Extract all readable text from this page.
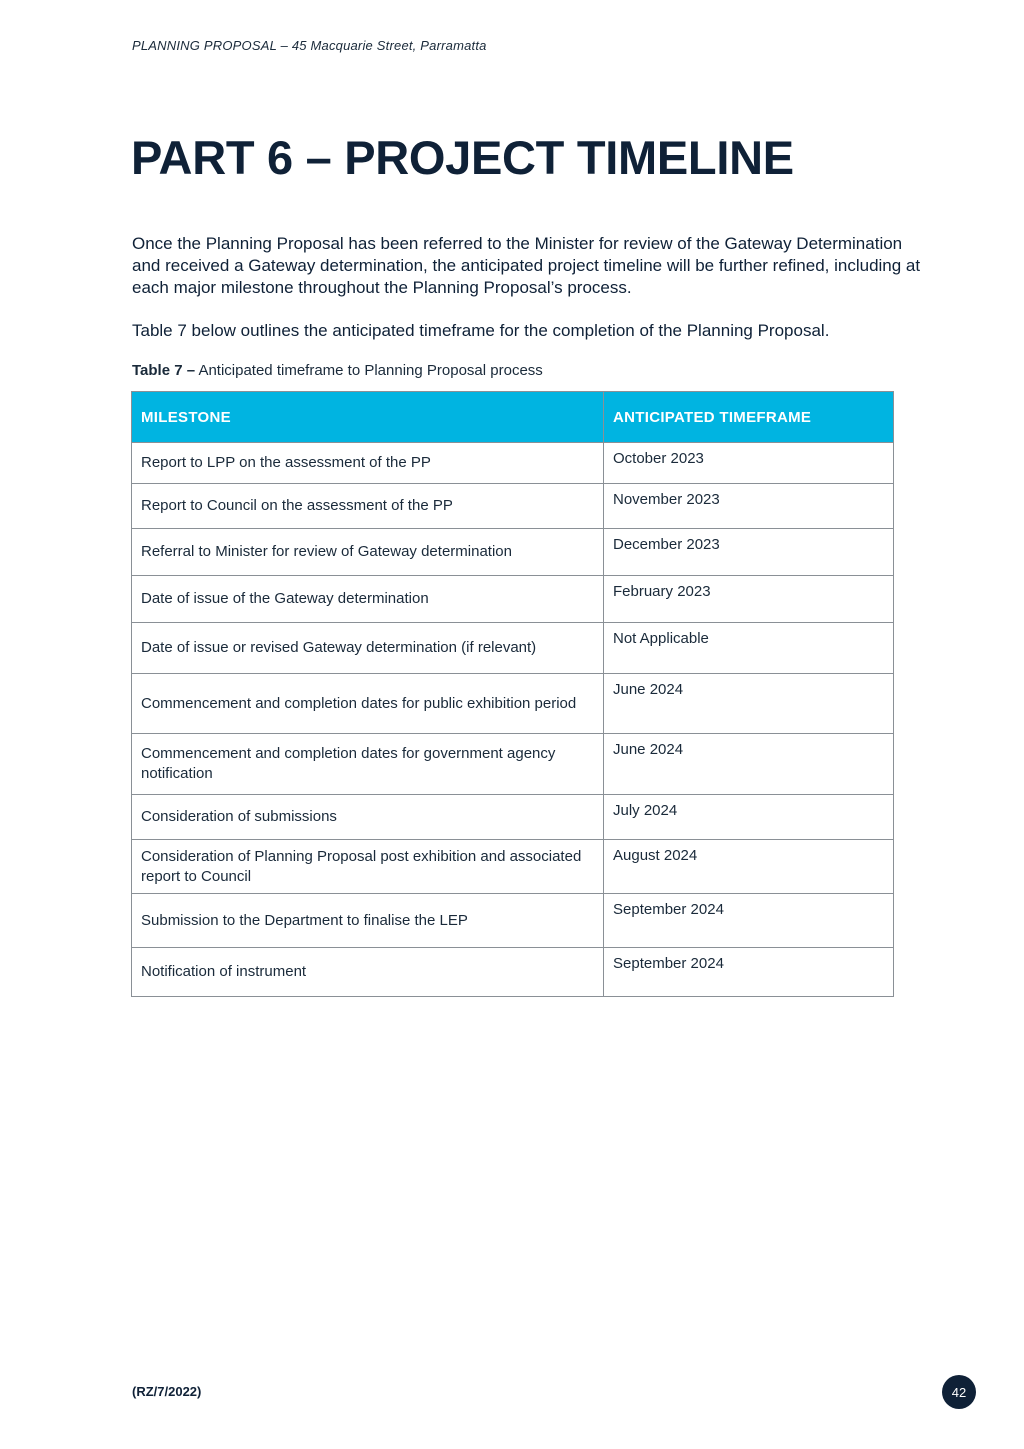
PLANNING PROPOSAL – 45 Macquarie Street, Parramatta
PART 6 – PROJECT TIMELINE

Once the Planning Proposal has been referred to the Minister for review of the Gateway Determination and received a Gateway determination, the anticipated project timeline will be further refined, including at each major milestone throughout the Planning Proposal’s process.

Table 7 below outlines the anticipated timeframe for the completion of the Planning Proposal.

Table 7 – Anticipated timeframe to Planning Proposal process
MILESTONE	ANTICIPATED TIMEFRAME
Report to LPP on the assessment of the PP	October 2023
Report to Council on the assessment of the PP	November 2023
Referral to Minister for review of Gateway determination	December 2023
Date of issue of the Gateway determination	February 2023
Date of issue or revised Gateway determination (if relevant)	Not Applicable
Commencement and completion dates for public exhibition period	June 2024
Commencement and completion dates for government agency notification	June 2024
Consideration of submissions	July 2024
Consideration of Planning Proposal post exhibition and associated report to Council	August 2024
Submission to the Department to finalise the LEP	September 2024
Notification of instrument	September 2024
(RZ/7/2022)	42
